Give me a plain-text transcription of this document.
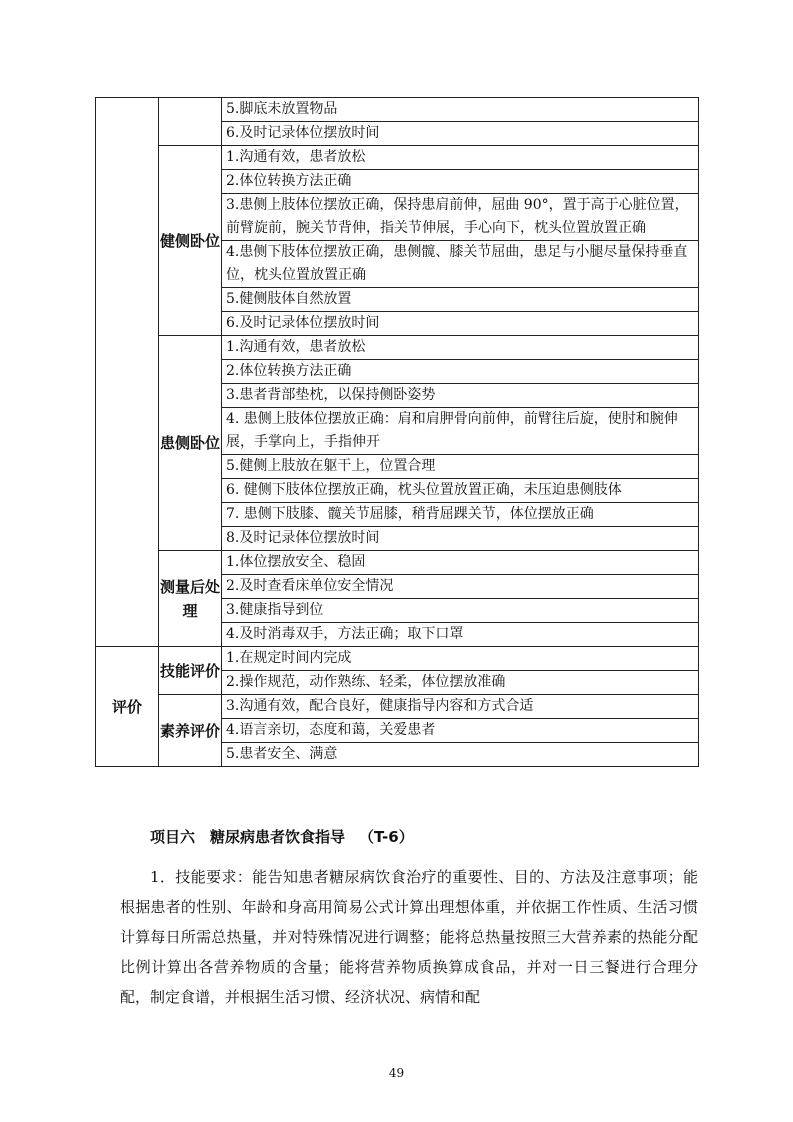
		5.脚底未放置物品
		6.及时记录体位摆放时间
	健侧卧位	1.沟通有效，患者放松
		2.体位转换方法正确
		3.患侧上肢体位摆放正确，保持患肩前伸，屈曲 90°，置于高于心脏位置，前臂旋前，腕关节背伸，指关节伸展，手心向下，枕头位置放置正确
		4.患侧下肢体位摆放正确，患侧髋、膝关节屈曲，患足与小腿尽量保持垂直位，枕头位置放置正确
		5.健侧肢体自然放置
		6.及时记录体位摆放时间
	患侧卧位	1.沟通有效，患者放松
		2.体位转换方法正确
		3.患者背部垫枕，以保持侧卧姿势
		4. 患侧上肢体位摆放正确：肩和肩胛骨向前伸，前臂往后旋，使肘和腕伸展，手掌向上，手指伸开
		5.健侧上肢放在躯干上，位置合理
		6. 健侧下肢体位摆放正确，枕头位置放置正确，未压迫患侧肢体
		7. 患侧下肢膝、髋关节屈膝，稍背屈踝关节，体位摆放正确
		8.及时记录体位摆放时间
	测量后处理	1.体位摆放安全、稳固
		2.及时查看床单位安全情况
		3.健康指导到位
		4.及时消毒双手，方法正确；取下口罩
评价	技能评价	1.在规定时间内完成
		2.操作规范，动作熟练、轻柔，体位摆放准确
	素养评价	3.沟通有效，配合良好，健康指导内容和方式合适
		4.语言亲切，态度和蔼，关爱患者
		5.患者安全、满意
项目六　糖尿病患者饮食指导 （T-6）
1．技能要求：能告知患者糖尿病饮食治疗的重要性、目的、方法及注意事项；能根据患者的性别、年龄和身高用简易公式计算出理想体重，并依据工作性质、生活习惯计算每日所需总热量，并对特殊情况进行调整；能将总热量按照三大营养素的热能分配比例计算出各营养物质的含量；能将营养物质换算成食品，并对一日三餐进行合理分配，制定食谱，并根据生活习惯、经济状况、病情和配
49
